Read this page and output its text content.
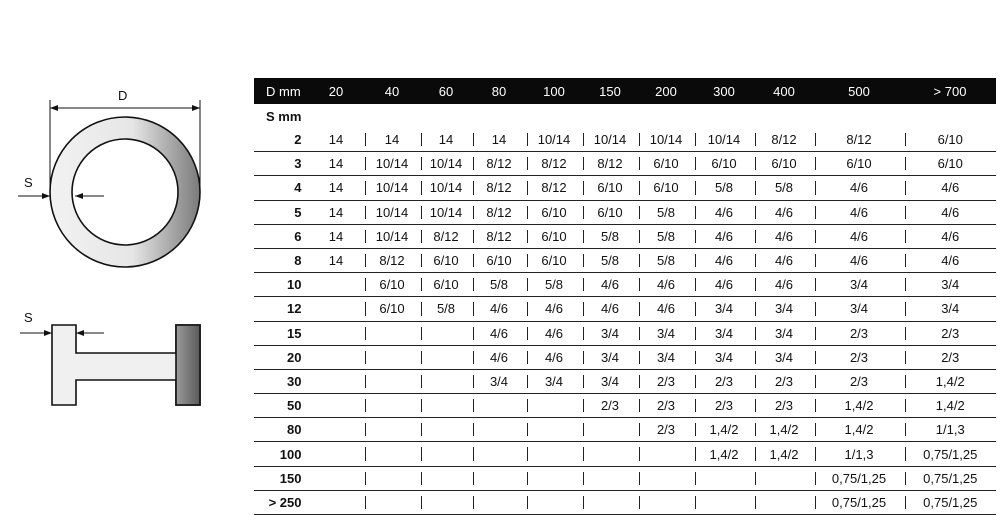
D
S
S
D mm	20	40	60	80	100	150	200	300	400	500	> 700
S mm											
2	14	14	14	14	10/14	10/14	10/14	10/14	8/12	8/12	6/10
3	14	10/14	10/14	8/12	8/12	8/12	6/10	6/10	6/10	6/10	6/10
4	14	10/14	10/14	8/12	8/12	6/10	6/10	5/8	5/8	4/6	4/6
5	14	10/14	10/14	8/12	6/10	6/10	5/8	4/6	4/6	4/6	4/6
6	14	10/14	8/12	8/12	6/10	5/8	5/8	4/6	4/6	4/6	4/6
8	14	8/12	6/10	6/10	6/10	5/8	5/8	4/6	4/6	4/6	4/6
10		6/10	6/10	5/8	5/8	4/6	4/6	4/6	4/6	3/4	3/4
12		6/10	5/8	4/6	4/6	4/6	4/6	3/4	3/4	3/4	3/4
15				4/6	4/6	3/4	3/4	3/4	3/4	2/3	2/3
20				4/6	4/6	3/4	3/4	3/4	3/4	2/3	2/3
30				3/4	3/4	3/4	2/3	2/3	2/3	2/3	1,4/2
50						2/3	2/3	2/3	2/3	1,4/2	1,4/2
80							2/3	1,4/2	1,4/2	1,4/2	1/1,3
100								1,4/2	1,4/2	1/1,3	0,75/1,25
150										0,75/1,25	0,75/1,25
> 250										0,75/1,25	0,75/1,25
